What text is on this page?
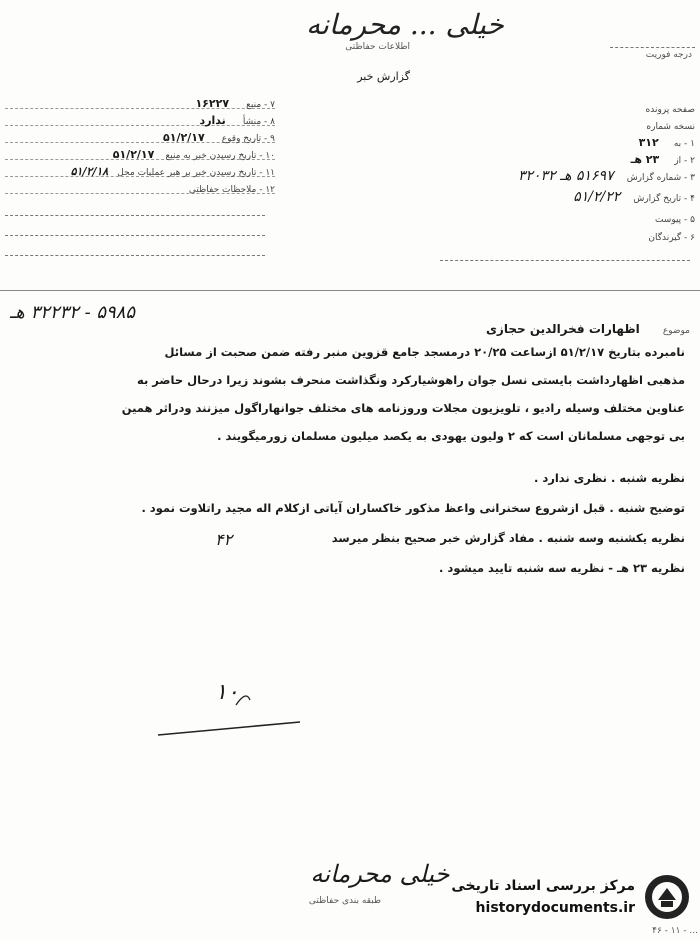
خیلی ... محرمانه
اطلاعات حفاظتی
گزارش خبر
درجه فوریت
صفحه پرونده
نسخه شماره
۱ - به ۳۱۲
۲ - از ۲۳ هـ
۳ - شماره گزارش ۵۱۶۹۷ هـ ۳۲۰۳۲
۴ - تاریخ گزارش ۵۱/۲/۲۲
۵ - پیوست
۶ - گیرندگان
۷ - منبع ۱۶۲۲۷
۸ - منشأ ندارد
۹ - تاریخ وقوع ۵۱/۲/۱۷
۱۰ - تاریخ رسیدن خبر به منبع ۵۱/۲/۱۷
۱۱ - تاریخ رسیدن خبر بر هبر عملیات محل ۵۱/۲/۱۸
۱۲ - ملاحظات حفاظتی
موضوع اظهارات فخرالدین حجازی
۵۹۸۵ - ۳۲۲۳۲ هـ
نامبرده بتاریخ ۵۱/۲/۱۷ ازساعت ۲۰/۲۵ درمسجد جامع قزوین منبر رفته ضمن صحبت از مسائل
مذهبی اظهارداشت بایستی نسل جوان راهوشیارکرد ونگذاشت منحرف بشوند زیرا درحال حاضر به
عناوین مختلف وسیله رادیو ، تلویزیون مجلات وروزنامه های مختلف جوانهاراگول میزنند ودراثر همین
بی توجهی مسلمانان است که ۲ ولیون یهودی به یکصد میلیون مسلمان زورمیگویند .
نظریه شنبه . نظری ندارد .
توضیح شنبه . قبل ازشروع سخنرانی واعظ مذکور خاکساران آیاتی ازکلام اله مجید راتلاوت نمود .
نظریه یکشنبه وسه شنبه . مفاد گزارش خبر صحیح بنظر میرسد
نظریه ۲۳ هـ - نظریه سه شنبه تایید میشود .
۴۲
۱۰
خیلی محرمانه
طبقه بندی حفاظتی
۴۶ - ۱۱ - ...
مرکز بررسی اسناد تاریخی
historydocuments.ir
